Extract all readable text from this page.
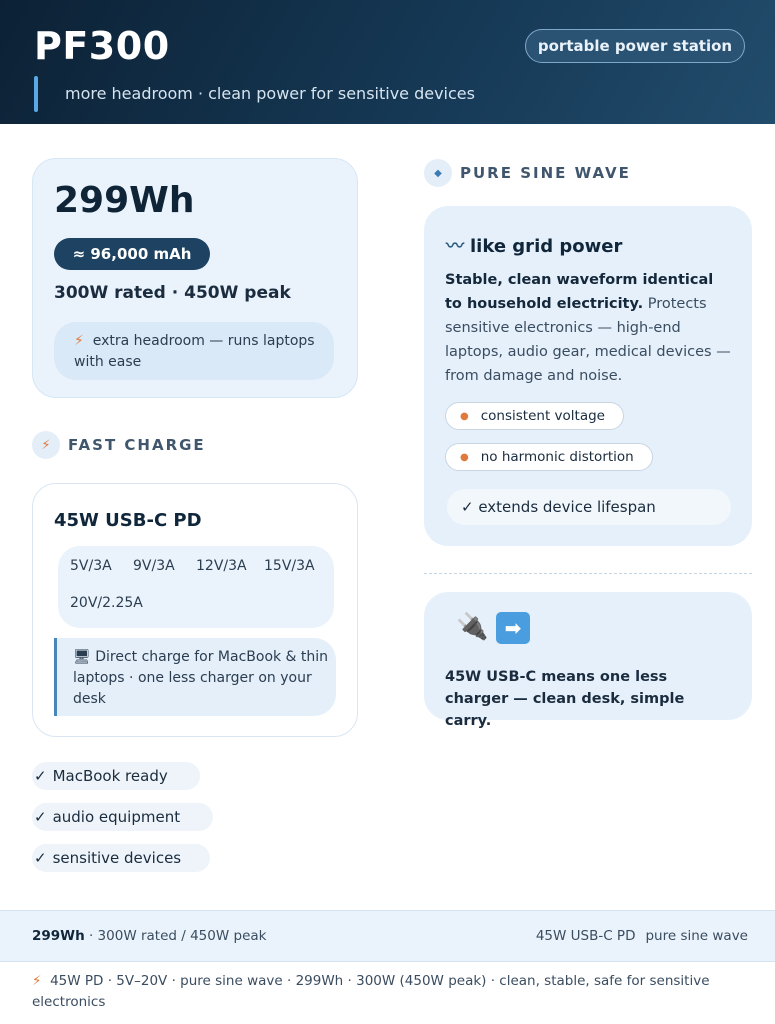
PF300	portable power station
more headroom · clean power for sensitive devices
299Wh
≈ 96,000 mAh
300W rated · 450W peak
⚡ extra headroom — runs laptops with ease
⚡ FAST CHARGE
45W USB-C PD
5V/3A 9V/3A 12V/3A 15V/3A
20V/2.25A
🖥 Direct charge for MacBook & thin laptops · one less charger on your desk
✓ MacBook ready
✓ audio equipment
✓ sensitive devices
◆ PURE SINE WAVE
〰 like grid power
Stable, clean waveform identical to household electricity. Protects sensitive electronics — high-end laptops, audio gear, medical devices — from damage and noise.
● consistent voltage
● no harmonic distortion
✓ extends device lifespan
🔌 ➡
45W USB-C means one less charger — clean desk, simple carry.
299Wh · 300W rated / 450W peak	45W USB-C PD pure sine wave
⚡ 45W PD · 5V–20V · pure sine wave · 299Wh · 300W (450W peak) · clean, stable, safe for sensitive electronics
